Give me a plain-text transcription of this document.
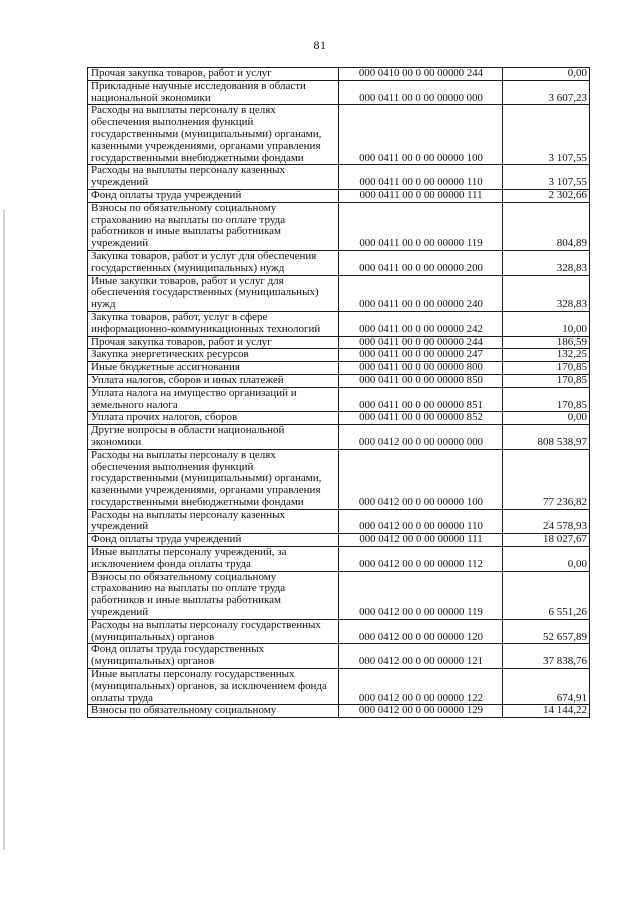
81
Прочая закупка товаров, работ и услуг	000 0410 00 0 00 00000 244	0,00
Прикладные научные исследования в области национальной экономики	000 0411 00 0 00 00000 000	3 607,23
Расходы на выплаты персоналу в целях обеспечения выполнения функций государственными (муниципальными) органами, казенными учреждениями, органами управления государственными внебюджетными фондами	000 0411 00 0 00 00000 100	3 107,55
Расходы на выплаты персоналу казенных учреждений	000 0411 00 0 00 00000 110	3 107,55
Фонд оплаты труда учреждений	000 0411 00 0 00 00000 111	2 302,66
Взносы по обязательному социальному страхованию на выплаты по оплате труда работников и иные выплаты работникам учреждений	000 0411 00 0 00 00000 119	804,89
Закупка товаров, работ и услуг для обеспечения государственных (муниципальных) нужд	000 0411 00 0 00 00000 200	328,83
Иные закупки товаров, работ и услуг для обеспечения государственных (муниципальных) нужд	000 0411 00 0 00 00000 240	328,83
Закупка товаров, работ, услуг в сфере информационно-коммуникационных технологий	000 0411 00 0 00 00000 242	10,00
Прочая закупка товаров, работ и услуг	000 0411 00 0 00 00000 244	186,59
Закупка энергетических ресурсов	000 0411 00 0 00 00000 247	132,25
Иные бюджетные ассигнования	000 0411 00 0 00 00000 800	170,85
Уплата налогов, сборов и иных платежей	000 0411 00 0 00 00000 850	170,85
Уплата налога на имущество организаций и земельного налога	000 0411 00 0 00 00000 851	170,85
Уплата прочих налогов, сборов	000 0411 00 0 00 00000 852	0,00
Другие вопросы в области национальной экономики	000 0412 00 0 00 00000 000	808 538,97
Расходы на выплаты персоналу в целях обеспечения выполнения функций государственными (муниципальными) органами, казенными учреждениями, органами управления государственными внебюджетными фондами	000 0412 00 0 00 00000 100	77 236,82
Расходы на выплаты персоналу казенных учреждений	000 0412 00 0 00 00000 110	24 578,93
Фонд оплаты труда учреждений	000 0412 00 0 00 00000 111	18 027,67
Иные выплаты персоналу учреждений, за исключением фонда оплаты труда	000 0412 00 0 00 00000 112	0,00
Взносы по обязательному социальному страхованию на выплаты по оплате труда работников и иные выплаты работникам учреждений	000 0412 00 0 00 00000 119	6 551,26
Расходы на выплаты персоналу государственных (муниципальных) органов	000 0412 00 0 00 00000 120	52 657,89
Фонд оплаты труда государственных (муниципальных) органов	000 0412 00 0 00 00000 121	37 838,76
Иные выплаты персоналу государственных (муниципальных) органов, за исключением фонда оплаты труда	000 0412 00 0 00 00000 122	674,91
Взносы по обязательному социальному	000 0412 00 0 00 00000 129	14 144,22
